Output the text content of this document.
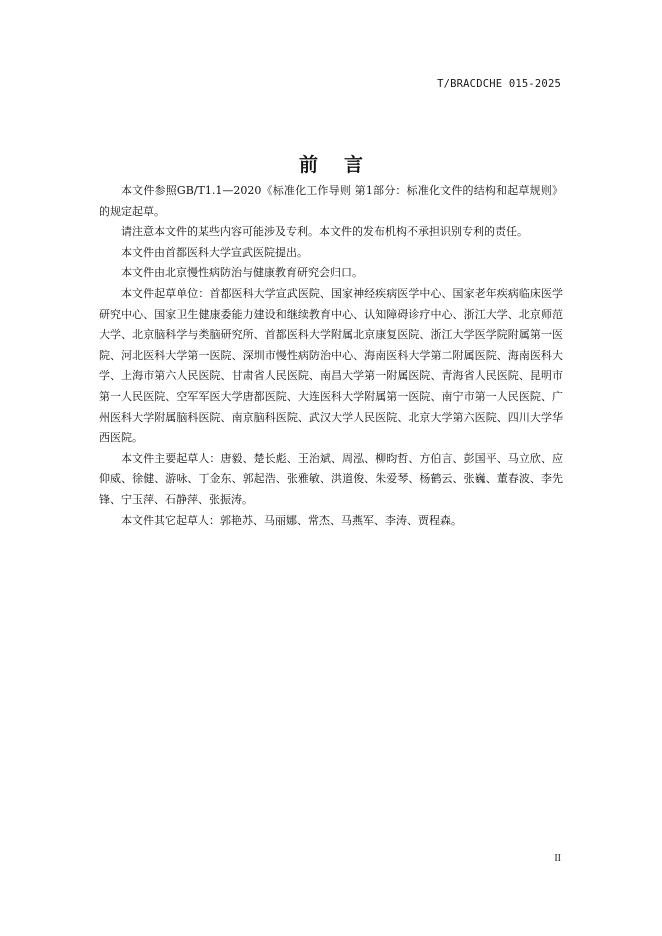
T/BRACDCHE 015-2025
前言

本文件参照GB/T1.1—2020《标准化工作导则 第1部分：标准化文件的结构和起草规则》的规定起草。

请注意本文件的某些内容可能涉及专利。本文件的发布机构不承担识别专利的责任。

本文件由首都医科大学宣武医院提出。

本文件由北京慢性病防治与健康教育研究会归口。

本文件起草单位：首都医科大学宣武医院、国家神经疾病医学中心、国家老年疾病临床医学研究中心、国家卫生健康委能力建设和继续教育中心、认知障碍诊疗中心、浙江大学、北京师范大学、北京脑科学与类脑研究所、首都医科大学附属北京康复医院、浙江大学医学院附属第一医院、河北医科大学第一医院、深圳市慢性病防治中心、海南医科大学第二附属医院、海南医科大学、上海市第六人民医院、甘肃省人民医院、南昌大学第一附属医院、青海省人民医院、昆明市第一人民医院、空军军医大学唐都医院、大连医科大学附属第一医院、南宁市第一人民医院、广州医科大学附属脑科医院、南京脑科医院、武汉大学人民医院、北京大学第六医院、四川大学华西医院。

本文件主要起草人：唐毅、楚长彪、王治斌、周泓、柳昀哲、方伯言、彭国平、马立欣、应仰威、徐健、游咏、丁金东、郭起浩、张雅敏、洪道俊、朱爱琴、杨鹤云、张巍、董春波、李先锋、宁玉萍、石静萍、张振涛。

本文件其它起草人：郭艳苏、马丽娜、常杰、马燕军、李涛、贾程森。

II
